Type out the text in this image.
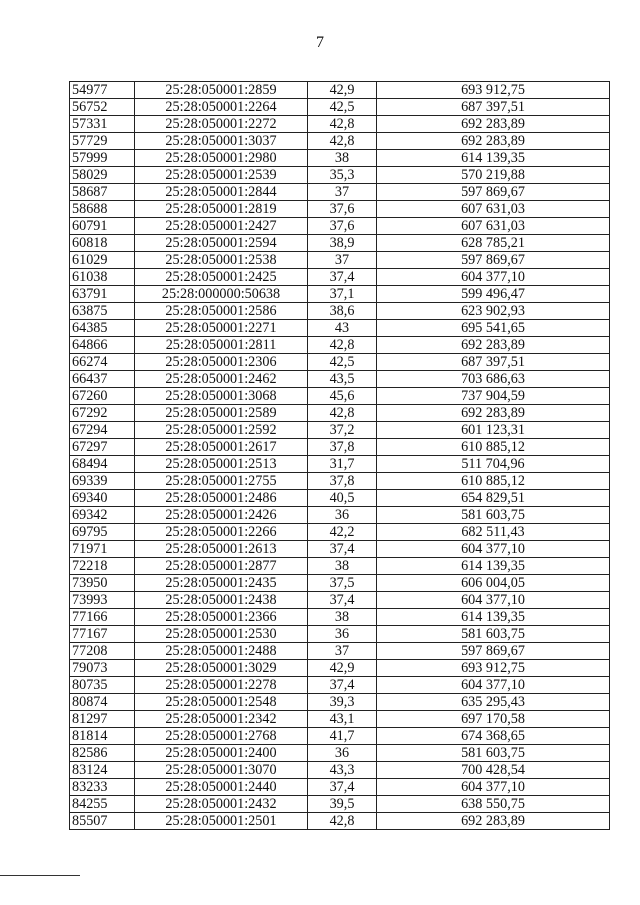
7
54977	25:28:050001:2859	42,9	693 912,75
56752	25:28:050001:2264	42,5	687 397,51
57331	25:28:050001:2272	42,8	692 283,89
57729	25:28:050001:3037	42,8	692 283,89
57999	25:28:050001:2980	38	614 139,35
58029	25:28:050001:2539	35,3	570 219,88
58687	25:28:050001:2844	37	597 869,67
58688	25:28:050001:2819	37,6	607 631,03
60791	25:28:050001:2427	37,6	607 631,03
60818	25:28:050001:2594	38,9	628 785,21
61029	25:28:050001:2538	37	597 869,67
61038	25:28:050001:2425	37,4	604 377,10
63791	25:28:000000:50638	37,1	599 496,47
63875	25:28:050001:2586	38,6	623 902,93
64385	25:28:050001:2271	43	695 541,65
64866	25:28:050001:2811	42,8	692 283,89
66274	25:28:050001:2306	42,5	687 397,51
66437	25:28:050001:2462	43,5	703 686,63
67260	25:28:050001:3068	45,6	737 904,59
67292	25:28:050001:2589	42,8	692 283,89
67294	25:28:050001:2592	37,2	601 123,31
67297	25:28:050001:2617	37,8	610 885,12
68494	25:28:050001:2513	31,7	511 704,96
69339	25:28:050001:2755	37,8	610 885,12
69340	25:28:050001:2486	40,5	654 829,51
69342	25:28:050001:2426	36	581 603,75
69795	25:28:050001:2266	42,2	682 511,43
71971	25:28:050001:2613	37,4	604 377,10
72218	25:28:050001:2877	38	614 139,35
73950	25:28:050001:2435	37,5	606 004,05
73993	25:28:050001:2438	37,4	604 377,10
77166	25:28:050001:2366	38	614 139,35
77167	25:28:050001:2530	36	581 603,75
77208	25:28:050001:2488	37	597 869,67
79073	25:28:050001:3029	42,9	693 912,75
80735	25:28:050001:2278	37,4	604 377,10
80874	25:28:050001:2548	39,3	635 295,43
81297	25:28:050001:2342	43,1	697 170,58
81814	25:28:050001:2768	41,7	674 368,65
82586	25:28:050001:2400	36	581 603,75
83124	25:28:050001:3070	43,3	700 428,54
83233	25:28:050001:2440	37,4	604 377,10
84255	25:28:050001:2432	39,5	638 550,75
85507	25:28:050001:2501	42,8	692 283,89
